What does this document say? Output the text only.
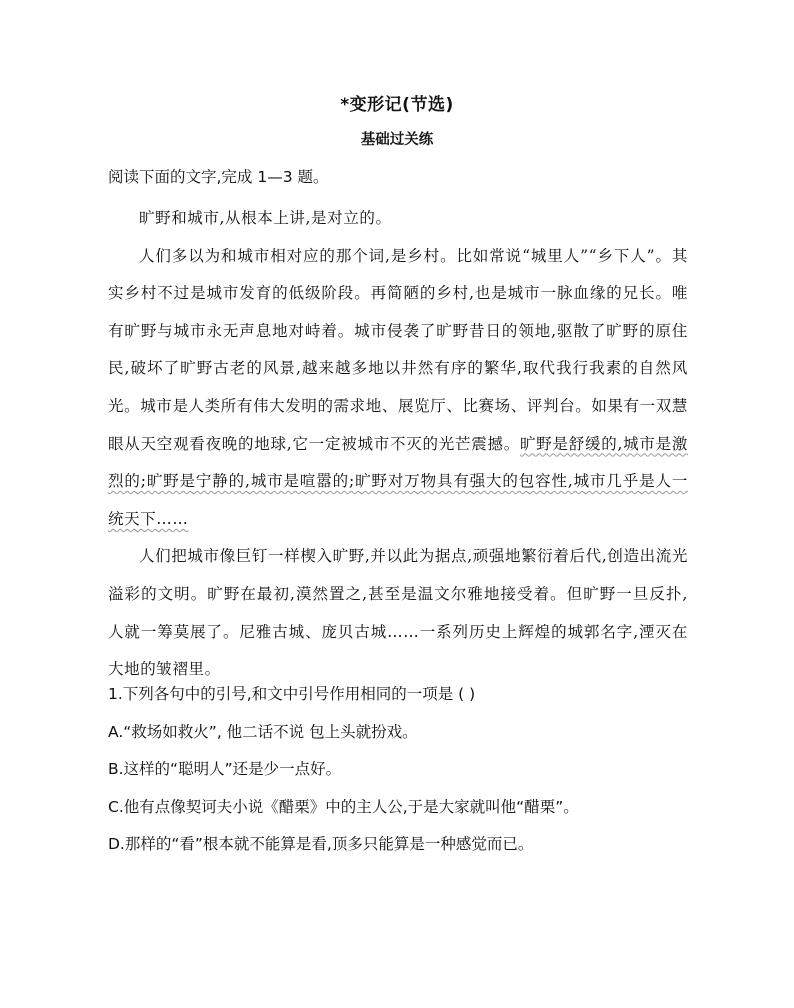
*变形记(节选)
基础过关练
阅读下面的文字,完成 1—3 题。

旷野和城市,从根本上讲,是对立的。

人们多以为和城市相对应的那个词,是乡村。比如常说“城里人”“乡下人”。其实乡村不过是城市发育的低级阶段。再简陋的乡村,也是城市一脉血缘的兄长。唯有旷野与城市永无声息地对峙着。城市侵袭了旷野昔日的领地,驱散了旷野的原住民,破坏了旷野古老的风景,越来越多地以井然有序的繁华,取代我行我素的自然风光。城市是人类所有伟大发明的需求地、展览厅、比赛场、评判台。如果有一双慧眼从天空观看夜晚的地球,它一定被城市不灭的光芒震撼。旷野是舒缓的,城市是激烈的;旷野是宁静的,城市是喧嚣的;旷野对万物具有强大的包容性,城市几乎是人一统天下……

人们把城市像巨钉一样楔入旷野,并以此为据点,顽强地繁衍着后代,创造出流光溢彩的文明。旷野在最初,漠然置之,甚至是温文尔雅地接受着。但旷野一旦反扑,人就一筹莫展了。尼雅古城、庞贝古城……一系列历史上辉煌的城郭名字,湮灭在大地的皱褶里。

1.下列各句中的引号,和文中引号作用相同的一项是 ( )
A.“救场如救火”, 他二话不说 包上头就扮戏。
B.这样的“聪明人”还是少一点好。
C.他有点像契诃夫小说《醋栗》中的主人公,于是大家就叫他“醋栗”。
D.那样的“看”根本就不能算是看,顶多只能算是一种感觉而已。
